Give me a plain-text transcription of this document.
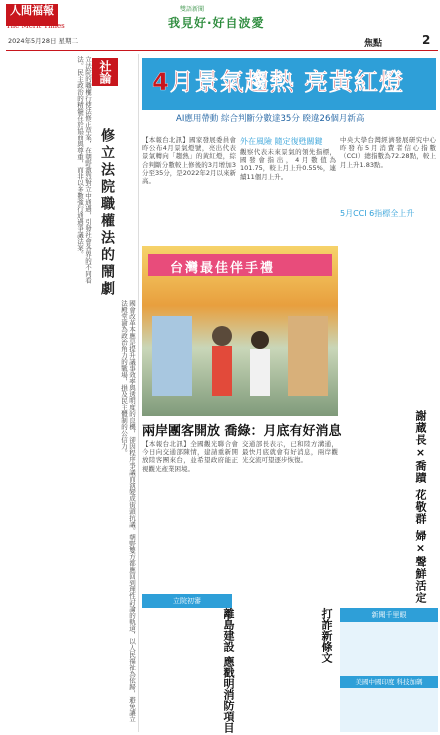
人間福報
The Merit Times
2024年5月28日 星期二
雙語新聞
我見好·好自波愛
焦點	2
社論
修立法院職權法的鬧劇
立法院的職權行使法修正草案，在朝野激烈對立中通過，引發社會各界的不同看法。民主政治的精髓在於協商與尊重，而非以多數強行通過爭議法案。
國會改革本應是提升議事效率與透明度的良機，卻因程序爭議而演變成街頭抗議。朝野雙方都應回到理性討論的軌道，以人民福祉為依歸，避免讓立法殿堂淪為政治角力的戰場，損及民主體制的公信力。
4月景氣趨熱 亮黃紅燈
AI應用帶動 綜合判斷分數達35分 睽違26個月新高
【本報台北訊】國家發展委員會昨公布4月景氣燈號，亮出代表景氣轉向「趨熱」的黃紅燈，綜合判斷分數較上修後的3月增加3分至35分，是2022年2月以來新高。
外在風險 隨定復甦關鍵
觀察代表未來景氣的領先指標，國發會指出，4月數值為101.75，較上月上升0.55%，連續11個月上升。
中央大學台灣經濟發展研究中心昨發布5月消費者信心指數（CCI）總指數為72.28點，較上月上升1.83點。
5月CCI 6指標全上升
台灣最佳伴手禮
兩岸團客開放 喬綠：月底有好消息
【本報台北訊】全國觀光聯合會今日向交通部陳情，建請重新開放陸客團來台，並希望政府能正視觀光產業困境。
交通部長表示，已和陸方溝通，最快月底就會有好消息，兩岸觀光交流可望逐步恢復。
立院初審
離島建設 應戳明消防項目	打詐新條文
謝蔵長×喬蹟 花敬群 婦×聲鮮活定
新聞千里眼
美國中國印度 科技加碼
